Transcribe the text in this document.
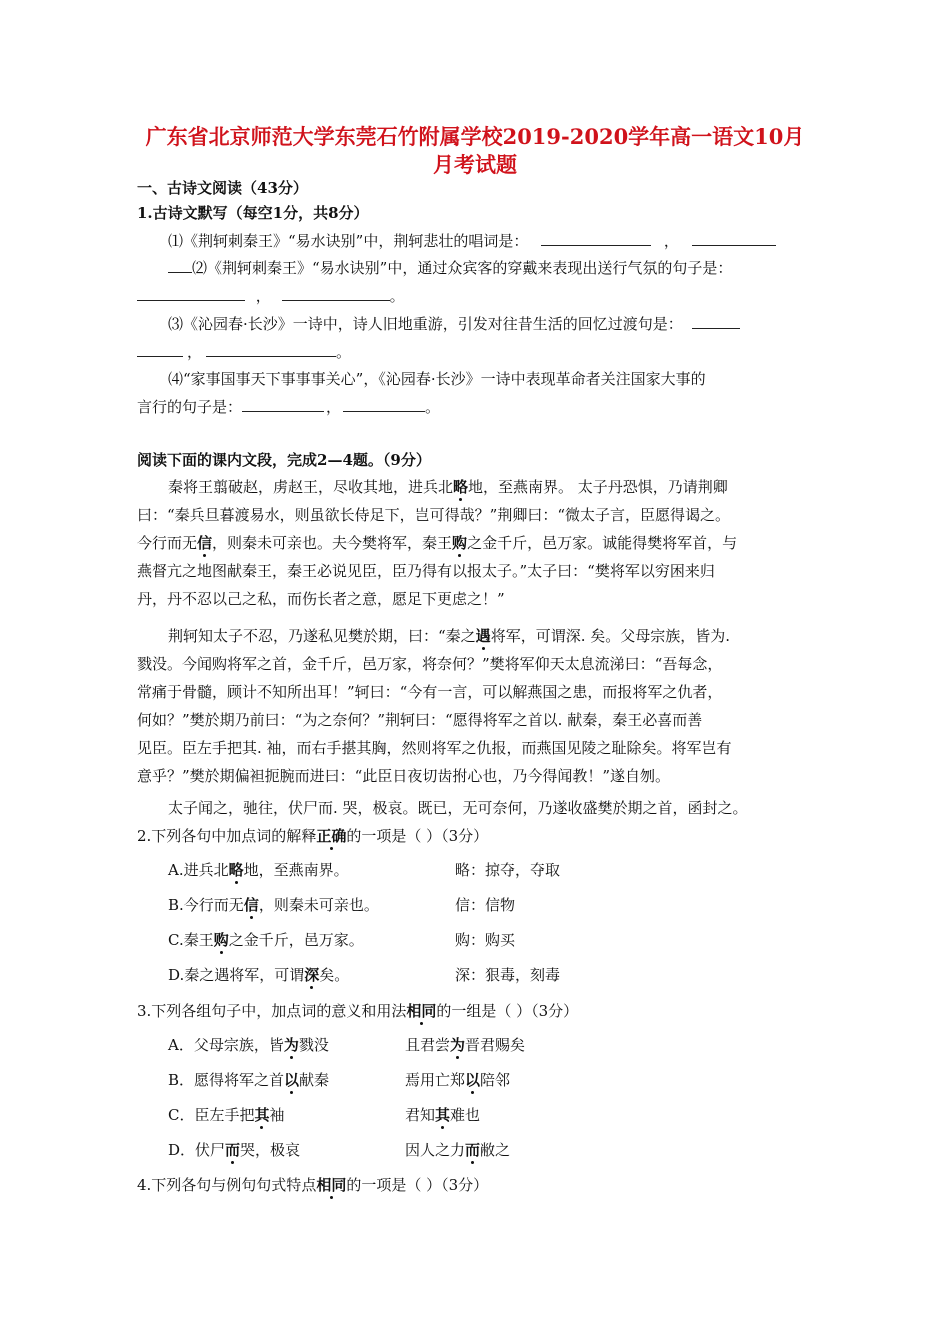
广东省北京师范大学东莞石竹附属学校2019-2020学年高一语文10月
月考试题
一、古诗文阅读（43分）
1.古诗文默写（每空1分，共8分）
⑴《荆轲刺秦王》“易水诀别”中，荆轲悲壮的唱词是：	，
⑵《荆轲刺秦王》“易水诀别”中，通过众宾客的穿戴来表现出送行气氛的句子是：
，	。
⑶《沁园春·长沙》一诗中，诗人旧地重游，引发对往昔生活的回忆过渡句是：
，	。
⑷“家事国事天下事事事关心”，《沁园春·长沙》一诗中表现革命者关注国家大事的
言行的句子是：	，	。
阅读下面的课内文段，完成2—4题。（9分）
秦将王翦破赵，虏赵王，尽收其地，进兵北略地，至燕南界。 太子丹恐惧，乃请荆卿
曰：“秦兵旦暮渡易水，则虽欲长侍足下，岂可得哉？”荆卿曰：“微太子言，臣愿得谒之。
今行而无信，则秦未可亲也。夫今樊将军，秦王购之金千斤，邑万家。诚能得樊将军首，与
燕督亢之地图献秦王，秦王必说见臣，臣乃得有以报太子。”太子曰：“樊将军以穷困来归
丹，丹不忍以己之私，而伤长者之意，愿足下更虑之！”
荆轲知太子不忍，乃遂私见樊於期，曰：“秦之遇将军，可谓深. 矣。父母宗族，皆为.
戮没。今闻购将军之首，金千斤，邑万家，将奈何？”樊将军仰天太息流涕曰：“吾每念，
常痛于骨髓，顾计不知所出耳！”轲曰：“今有一言，可以解燕国之患，而报将军之仇者，
何如？”樊於期乃前曰：“为之奈何？”荆轲曰：“愿得将军之首以. 献秦，秦王必喜而善
见臣。臣左手把其. 袖，而右手揕其胸，然则将军之仇报，而燕国见陵之耻除矣。将军岂有
意乎？”樊於期偏袒扼腕而进曰：“此臣日夜切齿拊心也，乃今得闻教！”遂自刎。
太子闻之，驰往，伏尸而. 哭，极哀。既已，无可奈何，乃遂收盛樊於期之首，函封之。
2.下列各句中加点词的解释正确的一项是（ ）（3分）
A.进兵北略地，至燕南界。	略：掠夺，夺取
B.今行而无信，则秦未可亲也。	信：信物
C.秦王购之金千斤，邑万家。	购：购买
D.秦之遇将军，可谓深矣。	深：狠毒，刻毒
3.下列各组句子中，加点词的意义和用法相同的一组是（ ）（3分）
A．父母宗族，皆为戮没	且君尝为晋君赐矣
B．愿得将军之首以献秦	焉用亡郑以陪邻
C．臣左手把其袖	君知其难也
D．伏尸而哭，极哀	因人之力而敝之
4.下列各句与例句句式特点相同的一项是（ ）（3分）
